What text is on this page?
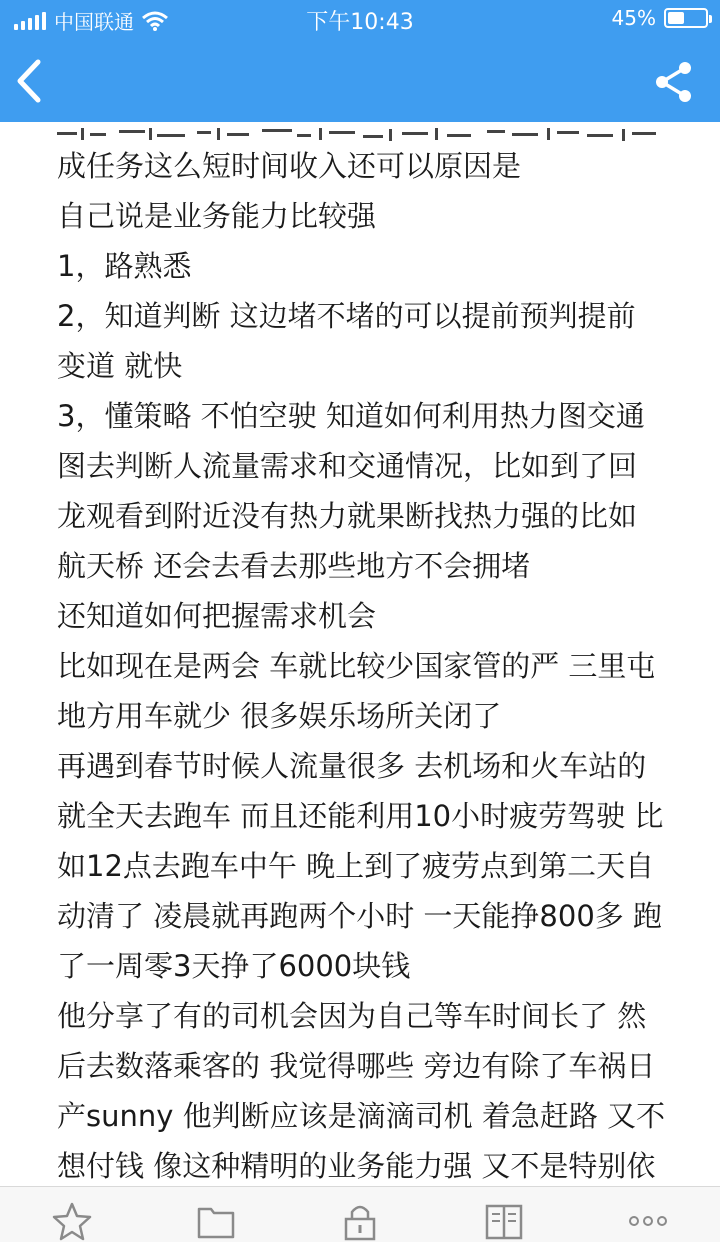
中国联通	下午10:43	45%
成任务这么短时间收入还可以原因是
自己说是业务能力比较强
1，路熟悉
2，知道判断 这边堵不堵的可以提前预判提前
变道 就快
3，懂策略 不怕空驶 知道如何利用热力图交通
图去判断人流量需求和交通情况，比如到了回
龙观看到附近没有热力就果断找热力强的比如
航天桥 还会去看去那些地方不会拥堵
还知道如何把握需求机会
比如现在是两会 车就比较少国家管的严 三里屯
地方用车就少 很多娱乐场所关闭了
再遇到春节时候人流量很多 去机场和火车站的
就全天去跑车 而且还能利用10小时疲劳驾驶 比
如12点去跑车中午 晚上到了疲劳点到第二天自
动清了 凌晨就再跑两个小时 一天能挣800多 跑
了一周零3天挣了6000块钱
他分享了有的司机会因为自己等车时间长了 然
后去数落乘客的 我觉得哪些 旁边有除了车祸日
产sunny 他判断应该是滴滴司机 着急赶路 又不
想付钱 像这种精明的业务能力强 又不是特别依
